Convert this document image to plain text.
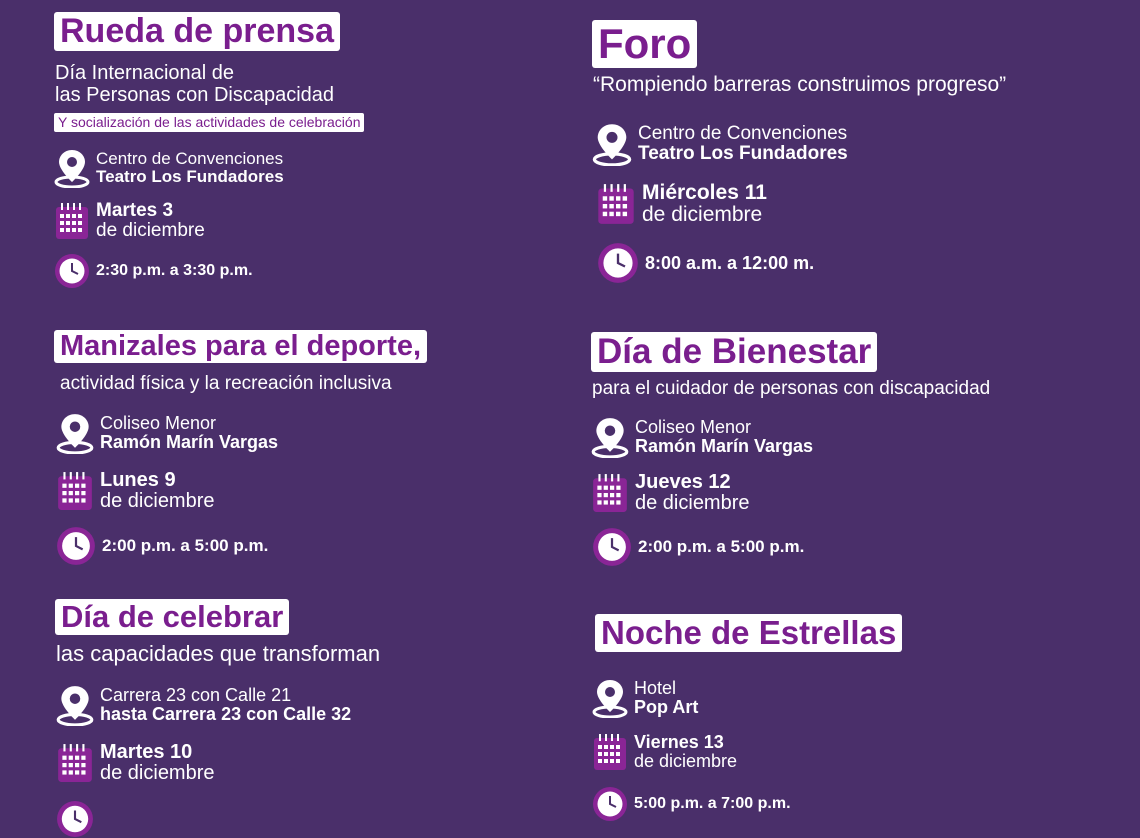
Rueda de prensa
Día Internacional de
las Personas con Discapacidad
Y socialización de las actividades de celebración
Centro de Convenciones
Teatro Los Fundadores
Martes 3
de diciembre
2:30 p.m. a 3:30 p.m.
Foro
“Rompiendo barreras construimos progreso”
Centro de Convenciones
Teatro Los Fundadores
Miércoles 11
de diciembre
8:00 a.m. a 12:00 m.
Manizales para el deporte,
actividad física y la recreación inclusiva
Coliseo Menor
Ramón Marín Vargas
Lunes 9
de diciembre
2:00 p.m. a 5:00 p.m.
Día de Bienestar
para el cuidador de personas con discapacidad
Coliseo Menor
Ramón Marín Vargas
Jueves 12
de diciembre
2:00 p.m. a 5:00 p.m.
Día de celebrar
las capacidades que transforman
Carrera 23 con Calle 21
hasta Carrera 23 con Calle 32
Martes 10
de diciembre
Noche de Estrellas
Hotel
Pop Art
Viernes 13
de diciembre
5:00 p.m. a 7:00 p.m.
